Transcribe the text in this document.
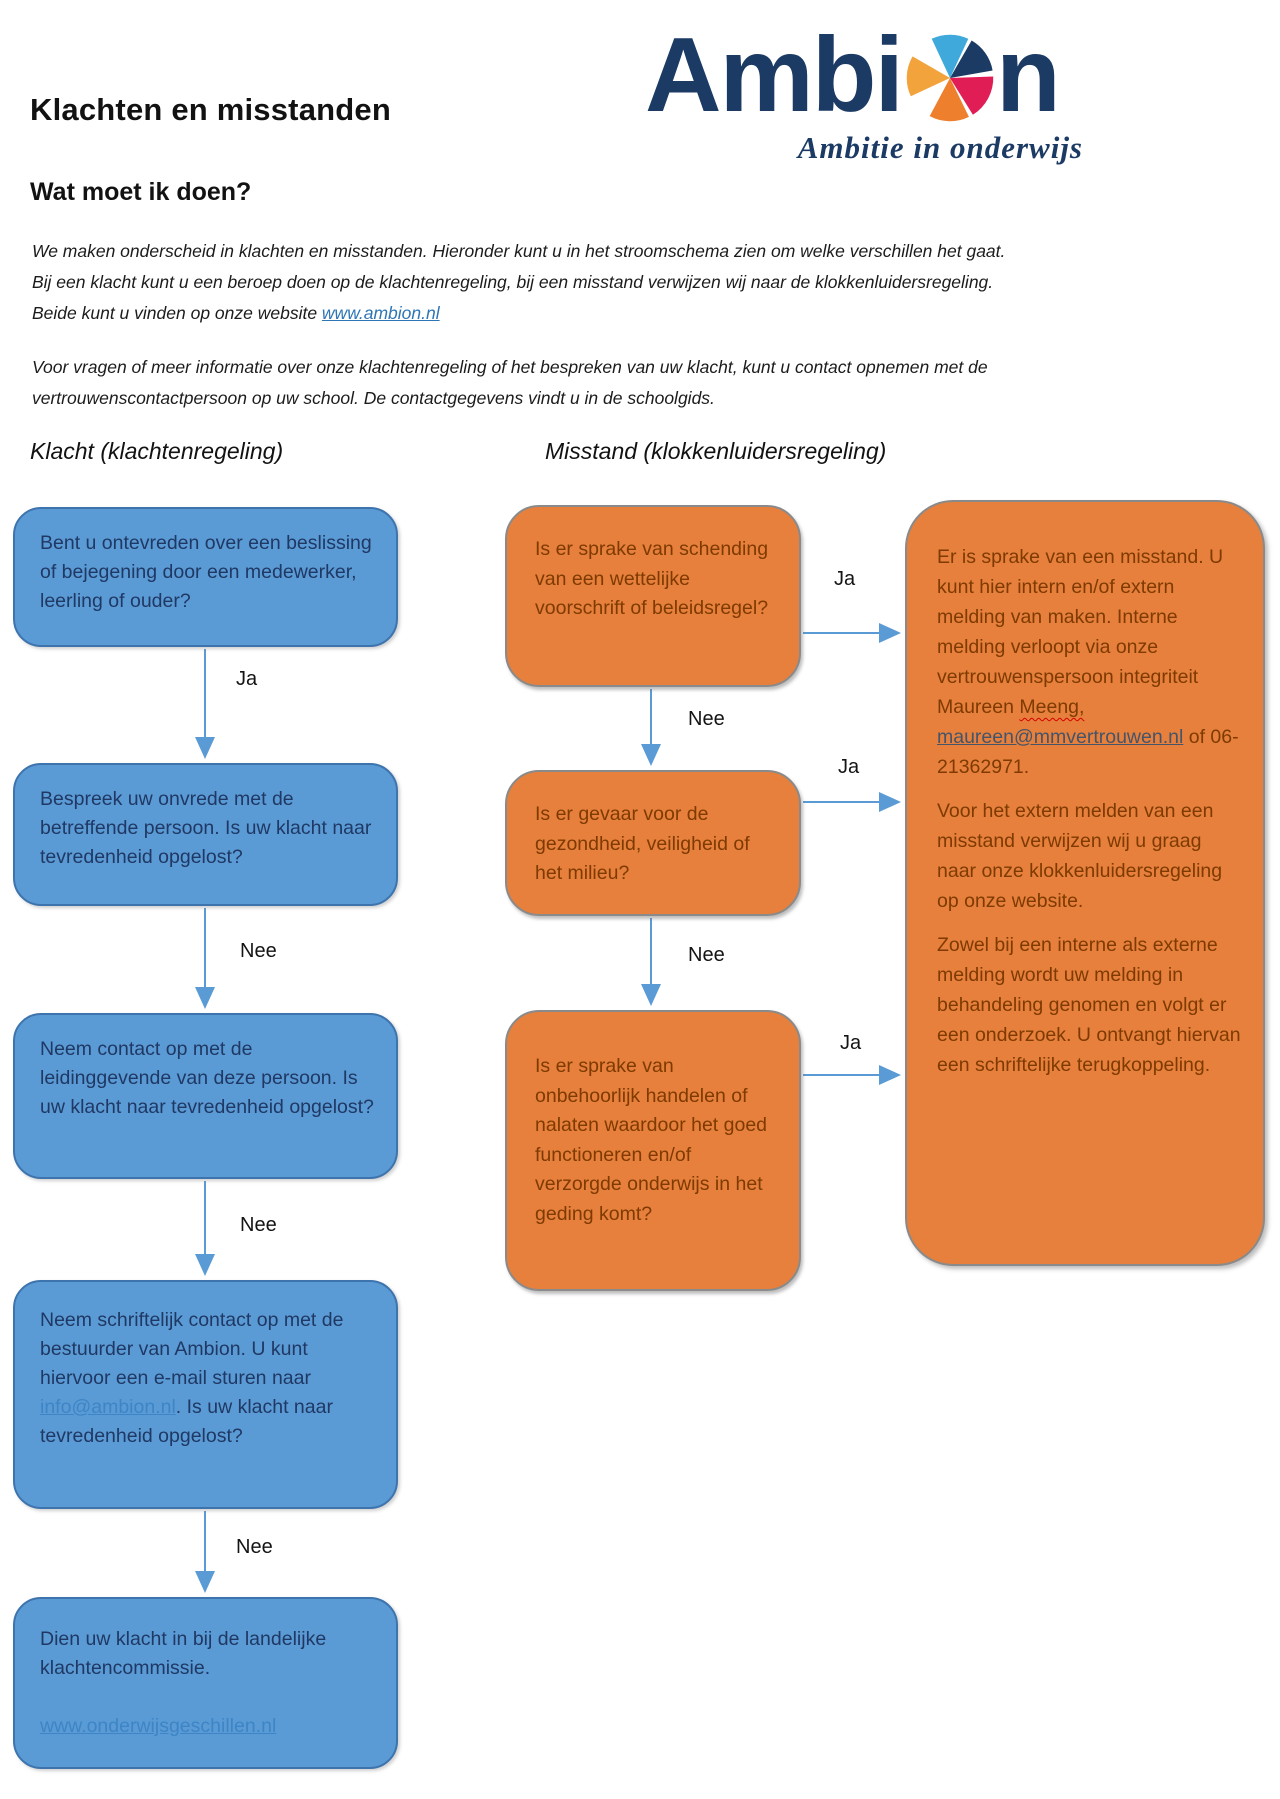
Klachten en misstanden
Wat moet ik doen?
Ambi n
Ambitie in onderwijs
We maken onderscheid in klachten en misstanden. Hieronder kunt u in het stroomschema zien om welke verschillen het gaat. Bij een klacht kunt u een beroep doen op de klachtenregeling, bij een misstand verwijzen wij naar de klokkenluidersregeling. Beide kunt u vinden op onze website www.ambion.nl
Voor vragen of meer informatie over onze klachtenregeling of het bespreken van uw klacht, kunt u contact opnemen met de vertrouwenscontactpersoon op uw school. De contactgegevens vindt u in de schoolgids.
Klacht (klachtenregeling)	Misstand (klokkenluidersregeling)
Ja
Nee
Nee
Nee
Nee
Nee
Ja
Ja
Ja
Bent u ontevreden over een beslissing of bejegening door een medewerker, leerling of ouder?
Bespreek uw onvrede met de betreffende persoon. Is uw klacht naar tevredenheid opgelost?
Neem contact op met de leidinggevende van deze persoon. Is uw klacht naar tevredenheid opgelost?
Neem schriftelijk contact op met de bestuurder van Ambion. U kunt hiervoor een e-mail sturen naar info@ambion.nl. Is uw klacht naar tevredenheid opgelost?
Dien uw klacht in bij de landelijke klachtencommissie.
www.onderwijsgeschillen.nl
Is er sprake van schending van een wettelijke voorschrift of beleidsregel?
Is er gevaar voor de gezondheid, veiligheid of het milieu?
Is er sprake van onbehoorlijk handelen of nalaten waardoor het goed functioneren en/of verzorgde onderwijs in het geding komt?

Er is sprake van een misstand. U kunt hier intern en/of extern melding van maken. Interne melding verloopt via onze vertrouwenspersoon integriteit Maureen Meeng, maureen@mmvertrouwen.nl of 06-21362971.

Voor het extern melden van een misstand verwijzen wij u graag naar onze klokkenluidersregeling op onze website.

Zowel bij een interne als externe melding wordt uw melding in behandeling genomen en volgt er een onderzoek. U ontvangt hiervan een schriftelijke terugkoppeling.
